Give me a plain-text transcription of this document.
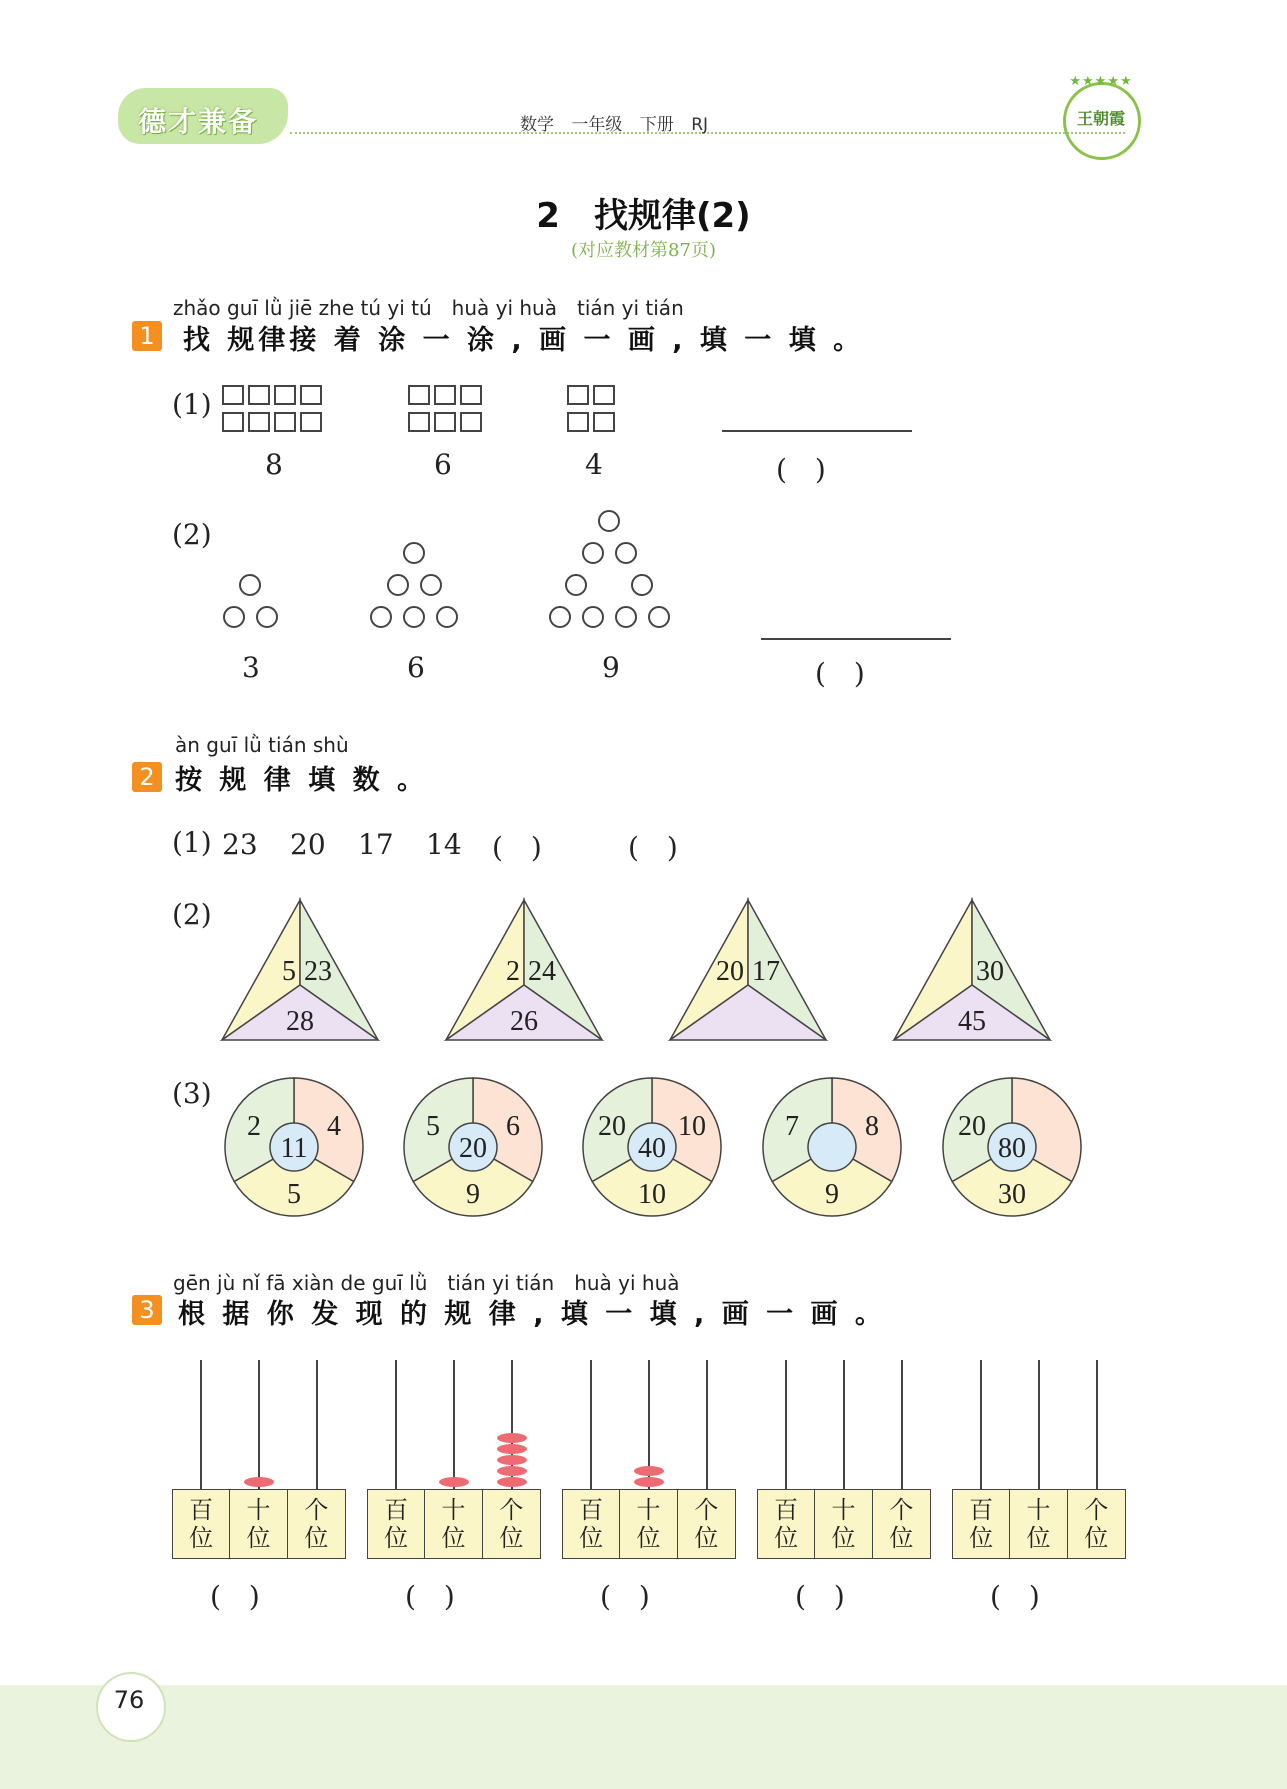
德才兼备	数学 一年级 下册 RJ
★★★★★
王朝霞
2　找规律(2)
(对应教材第87页)
zhǎo guī lǜ jiē zhe tú yi tú　huà yi huà　tián yi tián
1 找 规律接 着 涂 一 涂 , 画 一 画 , 填 一 填 。
(1)
8	6	4	(　)
(2)
3	6	9	(　)
àn guī lǜ tián shù
2 按 规 律 填 数 。
(1) 23 20 17 14 (　)	(　)
(2)
5 23
28
2 24
26
20 17	30
45
2 4
11
5
5 6
20
9
20 10
40
10
7 8
9
20
80
30
(3)
gēn jù nǐ fā xiàn de guī lǜ　tián yi tián　huà yi huà
3 根 据 你 发 现 的 规 律 , 填 一 填 , 画 一 画 。
百
位
十
位
个
位
(　)
百
位
十
位
个
位
(　)
百
位
十
位
个
位
(　)
百
位
十
位
个
位
(　)
百
位
十
位
个
位
(　)
76
